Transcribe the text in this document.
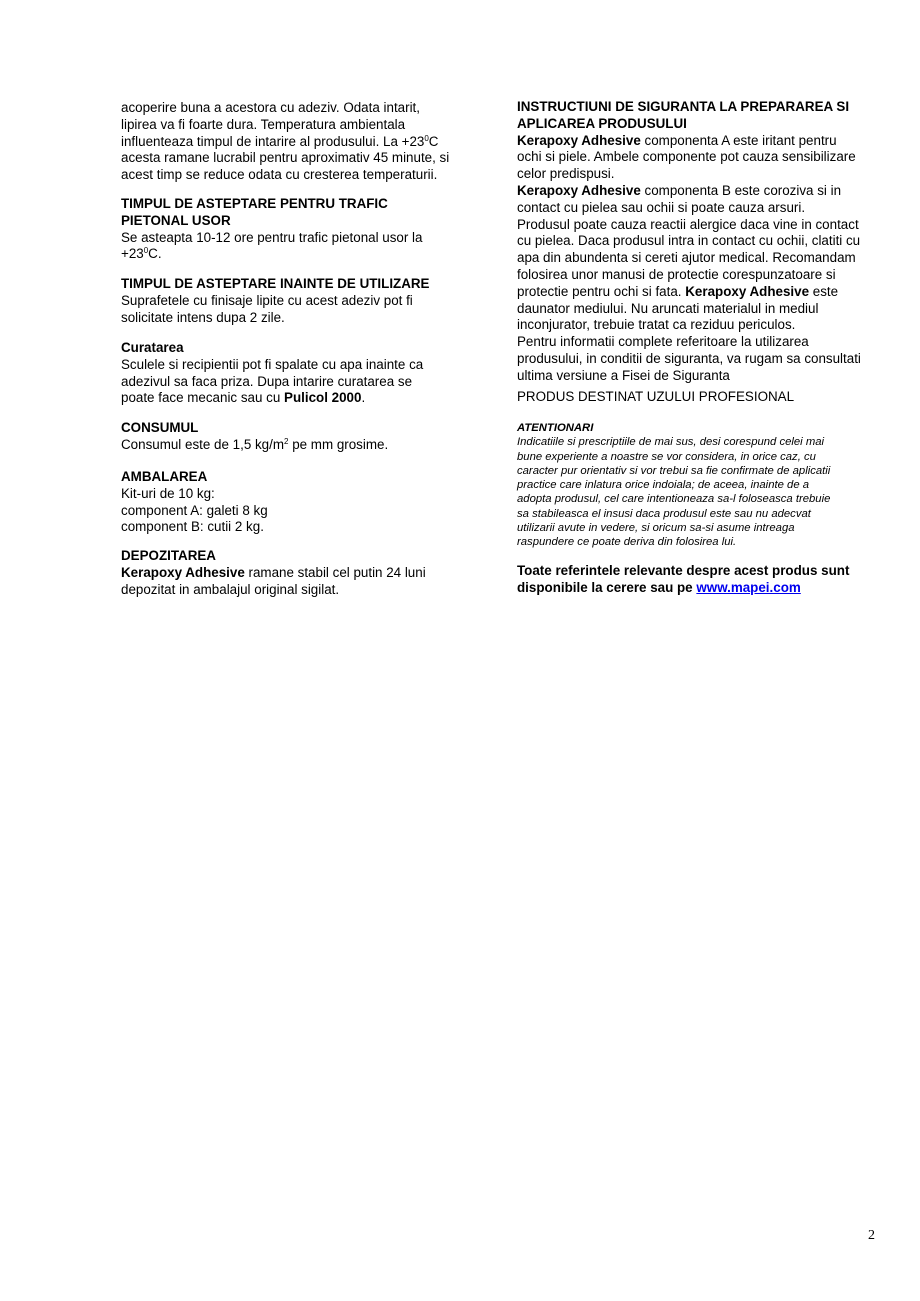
acoperire buna a acestora cu adeziv. Odata intarit,
lipirea va fi foarte dura. Temperatura ambientala
influenteaza timpul de intarire al produsului. $La +23^0C$
acesta ramane lucrabil pentru aproximativ 45 minute, si
acest timp se reduce odata cu cresterea temperaturii.
TIMPUL DE ASTEPTARE PENTRU TRAFIC
PIETONAL USOR
Se asteapta 10-12 ore pentru trafic pietonal usor la
$+23^0C$.
TIMPUL DE ASTEPTARE INAINTE DE UTILIZARE
Suprafetele cu finisaje lipite cu acest adeziv pot fi
solicitate intens dupa 2 zile.
Curatarea
Sculele si recipientii pot fi spalate cu apa inainte ca
adezivul sa faca priza. Dupa intarire curatarea se
poate face mecanic sau cu Pulicol 2000.
CONSUMUL
Consumul este de 1,5 $kg/m^2$ pe mm grosime.
AMBALAREA
Kit-uri de 10 kg:
component A: galeti 8 kg
component B: cutii 2 kg.
DEPOZITAREA
Kerapoxy Adhesive ramane stabil cel putin 24 luni
depozitat in ambalajul original sigilat.
INSTRUCTIUNI DE SIGURANTA LA PREPARAREA SI
APLICAREA PRODUSULUI
Kerapoxy Adhesive componenta A este iritant pentru
ochi si piele. Ambele componente pot cauza sensibilizare
celor predispusi.
Kerapoxy Adhesive componenta B este coroziva si in
contact cu pielea sau ochii si poate cauza arsuri.
Produsul poate cauza reactii alergice daca vine in contact
cu pielea. Daca produsul intra in contact cu ochii, clatiti cu
apa din abundenta si cereti ajutor medical. Recomandam
folosirea unor manusi de protectie corespunzatoare si
protectie pentru ochi si fata. Kerapoxy Adhesive este
daunator mediului. Nu aruncati materialul in mediul
inconjurator, trebuie tratat ca reziduu periculos.
Pentru informatii complete referitoare la utilizarea
produsului, in conditii de siguranta, va rugam sa consultati
ultima versiune a Fisei de Siguranta
PRODUS DESTINAT UZULUI PROFESIONAL
ATENTIONARI
Indicatiile si prescriptiile de mai sus, desi corespund celei mai
bune experiente a noastre se vor considera, in orice caz, cu
caracter pur orientativ si vor trebui sa fie confirmate de aplicatii
practice care inlatura orice indoiala; de aceea, inainte de a
adopta produsul, cel care intentioneaza sa-l foloseasca trebuie
sa stabileasca el insusi daca produsul este sau nu adecvat
utilizarii avute in vedere, si oricum sa-si asume intreaga
raspundere ce poate deriva din folosirea lui.
Toate referintele relevante despre acest produs sunt
disponibile la cerere sau pe www.mapei.com
2
